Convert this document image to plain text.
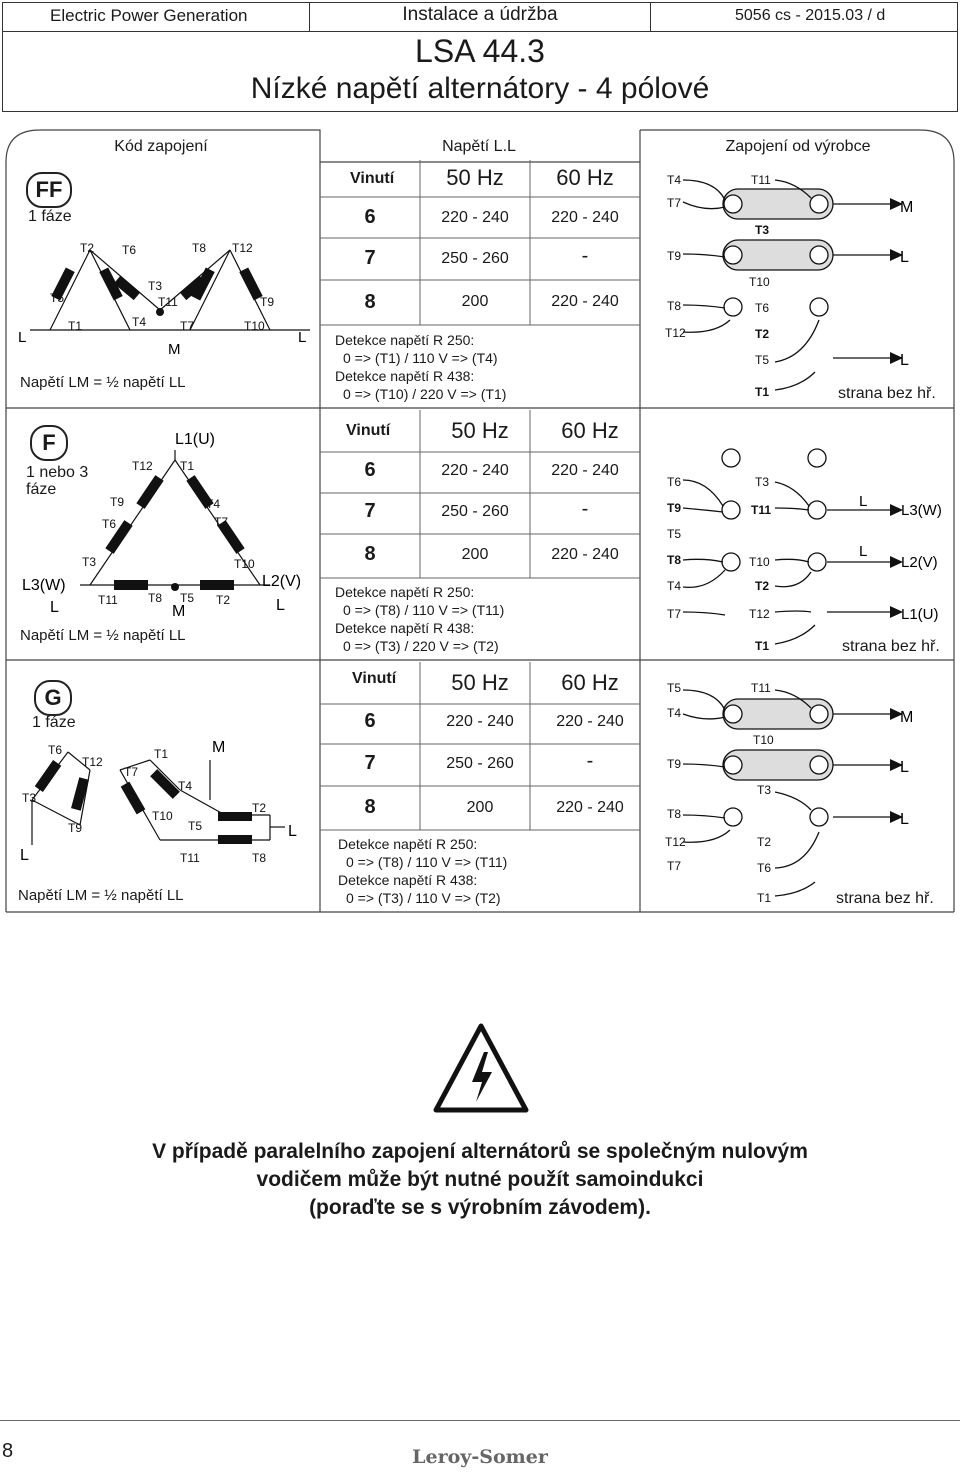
Electric Power Generation	Instalace a údržba	5056 cs - 2015.03 / d
LSA 44.3
Nízké napětí alternátory - 4 pólové
Kód zapojení	Napětí L.L	Zapojení od výrobce
FF
1 fáze
Napětí LM = ½ napětí LL
T2 T6	T8 T12
T5
T3
T11	T9
T1	T4	T7	T10
L	L
M
Vinutí	50 Hz	60 Hz
6	220 - 240	220 - 240
7	250 - 260	-
8	200	220 - 240
Detekce napětí R 250:
0 => (T1) / 110 V => (T4)
Detekce napětí R 438:
0 => (T10) / 220 V => (T1)
T4
T7
T9
T8
T12
T11
T3
T10
T6
T2
T5
T1
M
L
L
strana bez hř.
F
1 nebo 3 fáze
Napětí LM = ½ napětí LL
T12 T1
T9
T6
T4
T7
T3	T10
T11	T8 T5 T2
L1(U)
L3(W)
L
L2(V)
L
M
Vinutí	50 Hz	60 Hz
6	220 - 240	220 - 240
7	250 - 260	-
8	200	220 - 240
Detekce napětí R 250:
0 => (T8) / 110 V => (T11)
Detekce napětí R 438:
0 => (T3) / 220 V => (T2)
T6
T9
T5
T8
T4
T7
T3
T11
T10
T2
T12
T1
L
L
L3(W)
L2(V)
L1(U)
strana bez hř.
G
1 fáze
Napětí LM = ½ napětí LL
T6
T12
T7
T1
T4
T3
T9
T10
T5
T11
T2
T8
M
L
L
Vinutí	50 Hz	60 Hz
6	220 - 240	220 - 240
7	250 - 260	-
8	200	220 - 240
Detekce napětí R 250:
0 => (T8) / 110 V => (T11)
Detekce napětí R 438:
0 => (T3) / 110 V => (T2)
T5
T4
T9
T8
T12
T7
T11
T10
T3
T2
T6
T1
M
L
L
strana bez hř.
V případě paralelního zapojení alternátorů se společným nulovým
vodičem může být nutné použít samoindukci
(poraďte se s výrobním závodem).
8	Leroy-Somer
